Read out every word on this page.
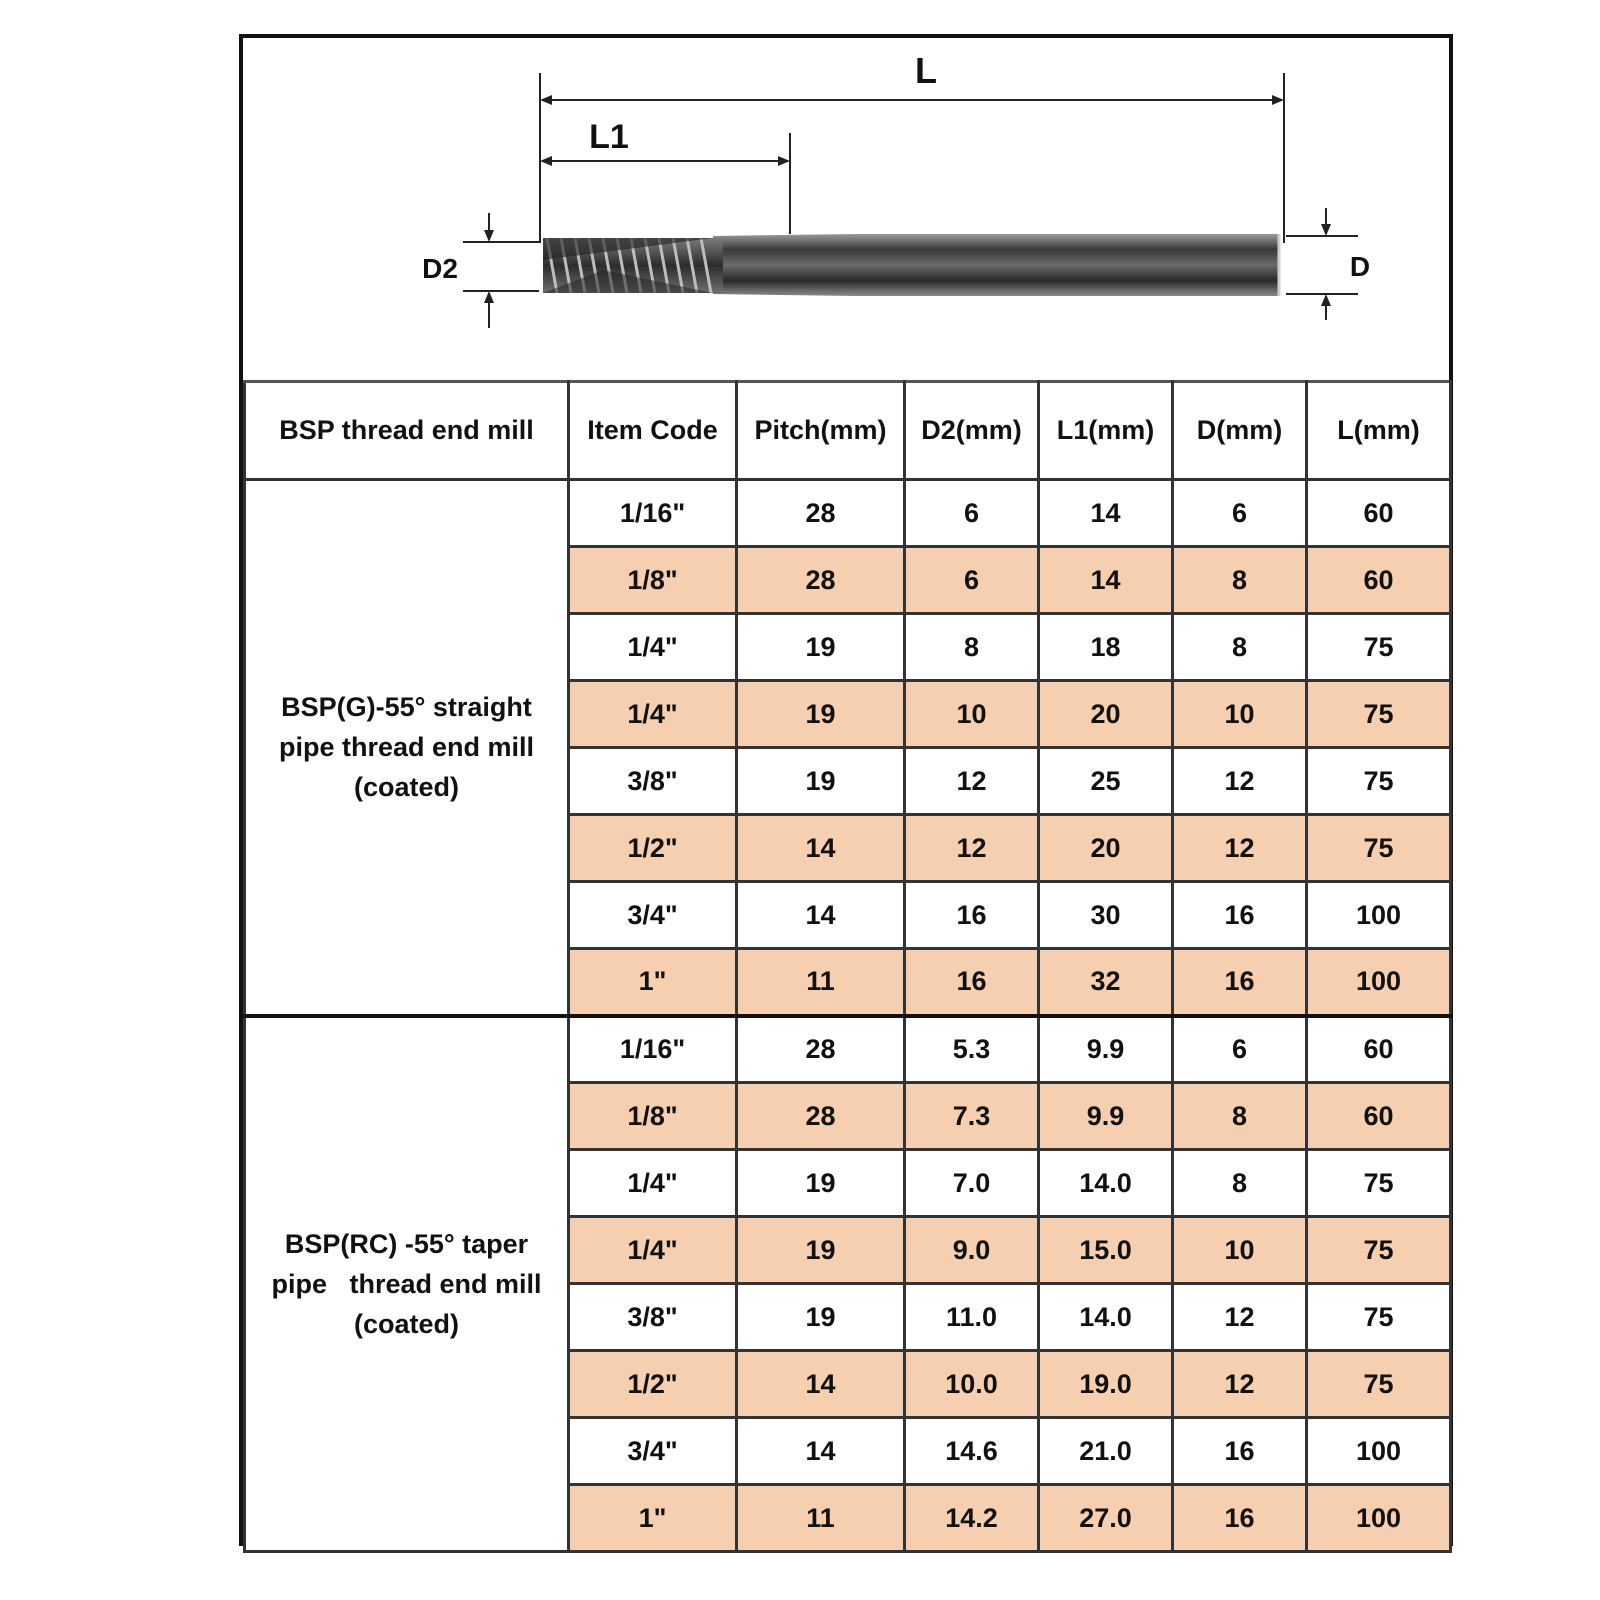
L
L1
D2	D
BSP thread end mill	Item Code	Pitch(mm)	D2(mm)	L1(mm)	D(mm)	L(mm)

BSP(G)-55° straight
pipe thread end mill
(coated)	1/16"	28	6	14	6	60
	1/8"	28	6	14	8	60
	1/4"	19	8	18	8	75
	1/4"	19	10	20	10	75
	3/8"	19	12	25	12	75
	1/2"	14	12	20	12	75
	3/4"	14	16	30	16	100
	1"	11	16	32	16	100

BSP(RC) -55° taper
pipe   thread end mill
(coated)	1/16"	28	5.3	9.9	6	60
	1/8"	28	7.3	9.9	8	60
	1/4"	19	7.0	14.0	8	75
	1/4"	19	9.0	15.0	10	75
	3/8"	19	11.0	14.0	12	75
	1/2"	14	10.0	19.0	12	75
	3/4"	14	14.6	21.0	16	100
	1"	11	14.2	27.0	16	100
